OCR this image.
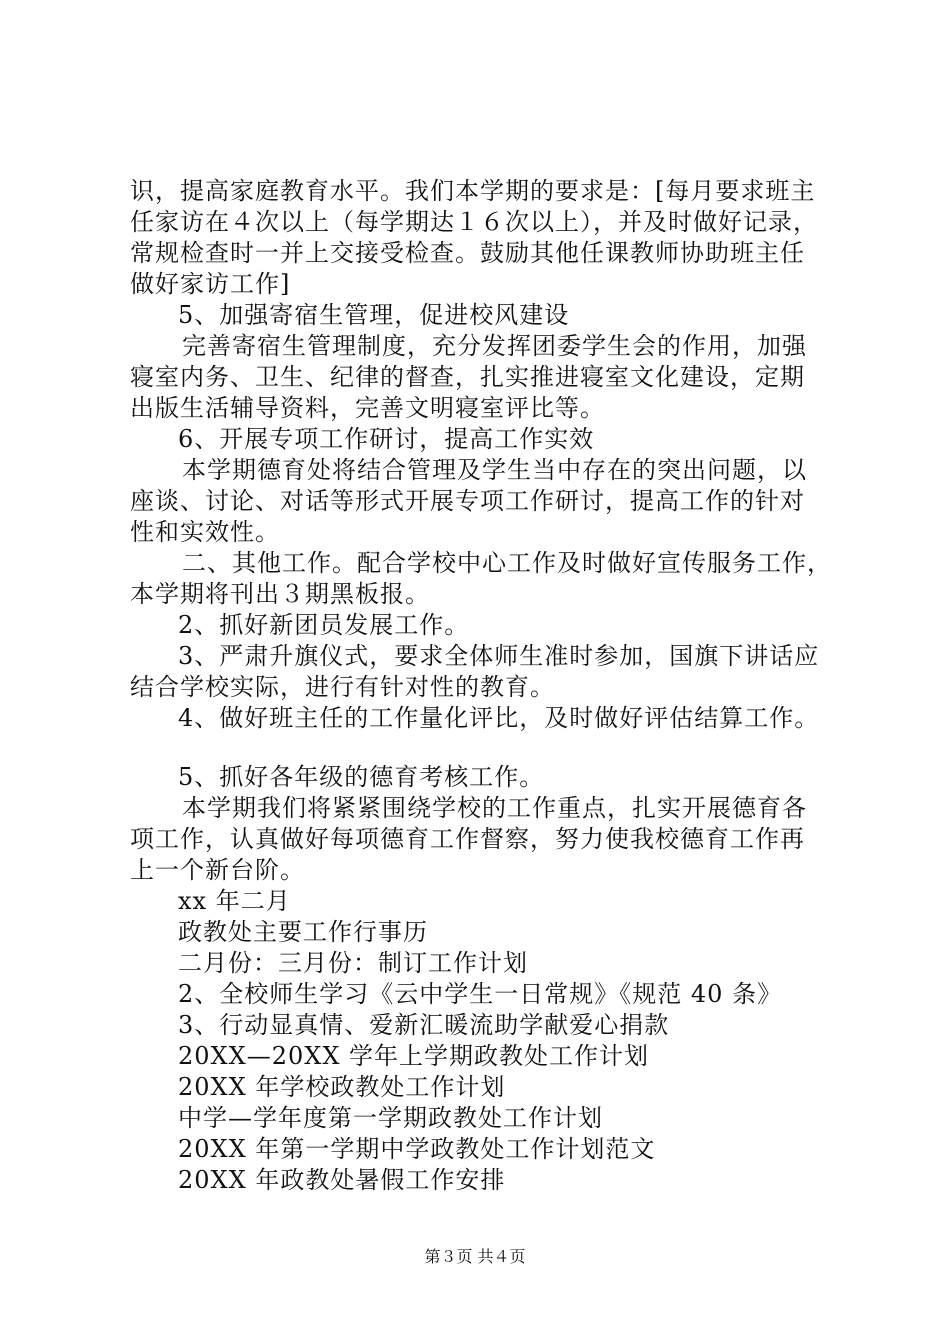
识，提高家庭教育水平。我们本学期的要求是：[每月要求班主
任家访在４次以上（每学期达１６次以上），并及时做好记录，
常规检查时一并上交接受检查。鼓励其他任课教师协助班主任
做好家访工作]
5、加强寄宿生管理，促进校风建设
完善寄宿生管理制度，充分发挥团委学生会的作用，加强
寝室内务、卫生、纪律的督查，扎实推进寝室文化建设，定期
出版生活辅导资料，完善文明寝室评比等。
6、开展专项工作研讨，提高工作实效
本学期德育处将结合管理及学生当中存在的突出问题，以
座谈、讨论、对话等形式开展专项工作研讨，提高工作的针对
性和实效性。
二、其他工作。配合学校中心工作及时做好宣传服务工作，
本学期将刊出３期黑板报。
2、抓好新团员发展工作。
3、严肃升旗仪式，要求全体师生准时参加，国旗下讲话应
结合学校实际，进行有针对性的教育。
4、做好班主任的工作量化评比，及时做好评估结算工作。
5、抓好各年级的德育考核工作。
本学期我们将紧紧围绕学校的工作重点，扎实开展德育各
项工作，认真做好每项德育工作督察，努力使我校德育工作再
上一个新台阶。
xx 年二月
政教处主要工作行事历
二月份：三月份：制订工作计划
2、全校师生学习《云中学生一日常规》《规范 40 条》
3、行动显真情、爱新汇暖流助学献爱心捐款
20XX—20XX 学年上学期政教处工作计划
20XX 年学校政教处工作计划
中学—学年度第一学期政教处工作计划
20XX 年第一学期中学政教处工作计划范文
20XX 年政教处暑假工作安排
第３页 共４页
